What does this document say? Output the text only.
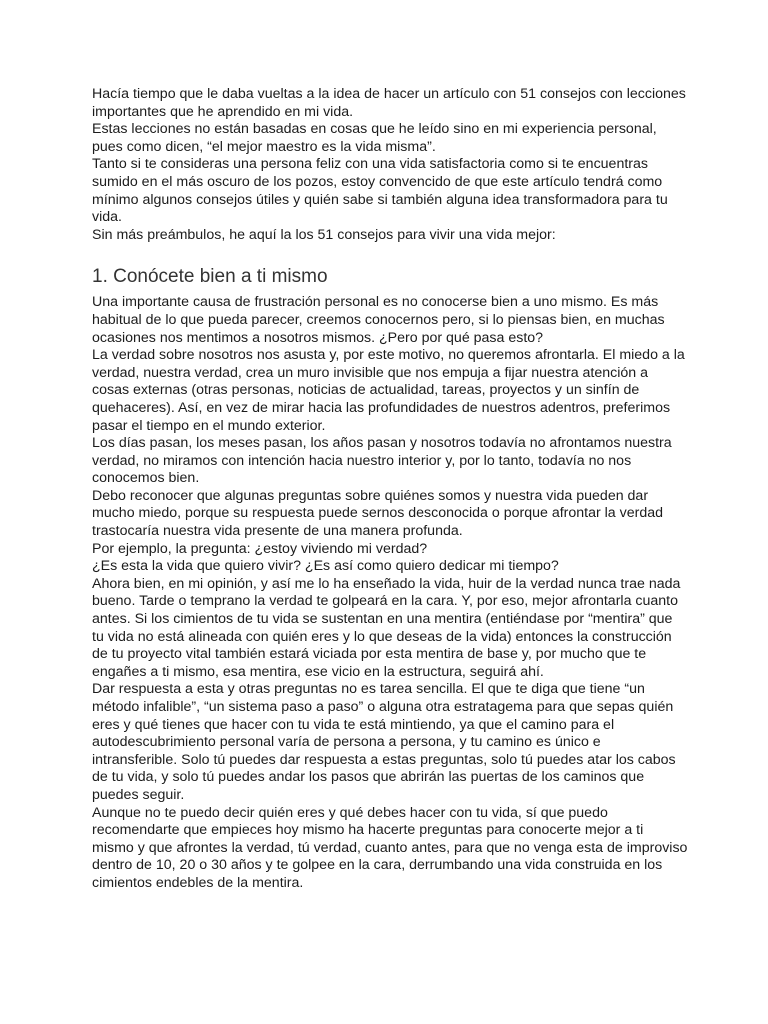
Hacía tiempo que le daba vueltas a la idea de hacer un artículo con 51 consejos con lecciones importantes que he aprendido en mi vida.

Estas lecciones no están basadas en cosas que he leído sino en mi experiencia personal, pues como dicen, “el mejor maestro es la vida misma”.

Tanto si te consideras una persona feliz con una vida satisfactoria como si te encuentras sumido en el más oscuro de los pozos, estoy convencido de que este artículo tendrá como mínimo algunos consejos útiles y quién sabe si también alguna idea transformadora para tu vida.

Sin más preámbulos, he aquí la los 51 consejos para vivir una vida mejor:

1. Conócete bien a ti mismo

Una importante causa de frustración personal es no conocerse bien a uno mismo. Es más habitual de lo que pueda parecer, creemos conocernos pero, si lo piensas bien, en muchas ocasiones nos mentimos a nosotros mismos. ¿Pero por qué pasa esto?

La verdad sobre nosotros nos asusta y, por este motivo, no queremos afrontarla. El miedo a la verdad, nuestra verdad, crea un muro invisible que nos empuja a fijar nuestra atención a cosas externas (otras personas, noticias de actualidad, tareas, proyectos y un sinfín de quehaceres). Así, en vez de mirar hacia las profundidades de nuestros adentros, preferimos pasar el tiempo en el mundo exterior.

Los días pasan, los meses pasan, los años pasan y nosotros todavía no afrontamos nuestra verdad, no miramos con intención hacia nuestro interior y, por lo tanto, todavía no nos conocemos bien.

Debo reconocer que algunas preguntas sobre quiénes somos y nuestra vida pueden dar mucho miedo, porque su respuesta puede sernos desconocida o porque afrontar la verdad trastocaría nuestra vida presente de una manera profunda.

Por ejemplo, la pregunta: ¿estoy viviendo mi verdad?

¿Es esta la vida que quiero vivir? ¿Es así como quiero dedicar mi tiempo?

Ahora bien, en mi opinión, y así me lo ha enseñado la vida, huir de la verdad nunca trae nada bueno. Tarde o temprano la verdad te golpeará en la cara. Y, por eso, mejor afrontarla cuanto antes. Si los cimientos de tu vida se sustentan en una mentira (entiéndase por “mentira” que tu vida no está alineada con quién eres y lo que deseas de la vida) entonces la construcción de tu proyecto vital también estará viciada por esta mentira de base y, por mucho que te engañes a ti mismo, esa mentira, ese vicio en la estructura, seguirá ahí.

Dar respuesta a esta y otras preguntas no es tarea sencilla. El que te diga que tiene “un método infalible”, “un sistema paso a paso” o alguna otra estratagema para que sepas quién eres y qué tienes que hacer con tu vida te está mintiendo, ya que el camino para el autodescubrimiento personal varía de persona a persona, y tu camino es único e intransferible. Solo tú puedes dar respuesta a estas preguntas, solo tú puedes atar los cabos de tu vida, y solo tú puedes andar los pasos que abrirán las puertas de los caminos que puedes seguir.

Aunque no te puedo decir quién eres y qué debes hacer con tu vida, sí que puedo recomendarte que empieces hoy mismo ha hacerte preguntas para conocerte mejor a ti mismo y que afrontes la verdad, tú verdad, cuanto antes, para que no venga esta de improviso dentro de 10, 20 o 30 años y te golpee en la cara, derrumbando una vida construida en los cimientos endebles de la mentira.
